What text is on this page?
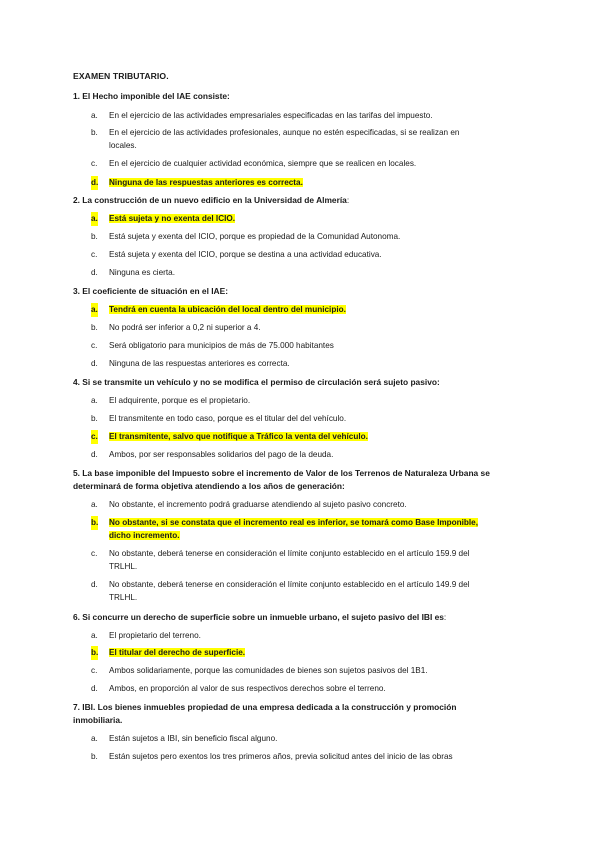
EXAMEN TRIBUTARIO.
1. El Hecho imponible del IAE consiste:
a. En el ejercicio de las actividades empresariales especificadas en las tarifas del impuesto.
b. En el ejercicio de las actividades profesionales, aunque no estén especificadas, si se realizan en
locales.
c. En el ejercicio de cualquier actividad económica, siempre que se realicen en locales.
d. Ninguna de las respuestas anteriores es correcta.
2. La construcción de un nuevo edificio en la Universidad de Almería:
a. Está sujeta y no exenta del ICIO.
b. Está sujeta y exenta del ICIO, porque es propiedad de la Comunidad Autonoma.
c. Está sujeta y exenta del ICIO, porque se destina a una actividad educativa.
d. Ninguna es cierta.
3. El coeficiente de situación en el IAE:
a. Tendrá en cuenta la ubicación del local dentro del municipio.
b. No podrá ser inferior a 0,2 ni superior a 4.
c. Será obligatorio para municipios de más de 75.000 habitantes
d. Ninguna de las respuestas anteriores es correcta.
4. Si se transmite un vehículo y no se modifica el permiso de circulación será sujeto pasivo:
a. El adquirente, porque es el propietario.
b. El transmitente en todo caso, porque es el titular del del vehículo.
c. El transmitente, salvo que notifique a Tráfico la venta del vehículo.
d. Ambos, por ser responsables solidarios del pago de la deuda.
5. La base imponible del Impuesto sobre el incremento de Valor de los Terrenos de Naturaleza Urbana se
determinará de forma objetiva atendiendo a los años de generación:
a. No obstante, el incremento podrá graduarse atendiendo al sujeto pasivo concreto.
b. No obstante, si se constata que el incremento real es inferior, se tomará como Base Imponible,
dicho incremento.
c. No obstante, deberá tenerse en consideración el límite conjunto establecido en el artículo 159.9 del
TRLHL.
d. No obstante, deberá tenerse en consideración el límite conjunto establecido en el artículo 149.9 del
TRLHL.
6. Si concurre un derecho de superficie sobre un inmueble urbano, el sujeto pasivo del IBI es:
a. El propietario del terreno.
b. El titular del derecho de superficie.
c. Ambos solidariamente, porque las comunidades de bienes son sujetos pasivos del 1B1.
d. Ambos, en proporción al valor de sus respectivos derechos sobre el terreno.
7. IBI. Los bienes inmuebles propiedad de una empresa dedicada a la construcción y promoción
inmobiliaria.
a. Están sujetos a IBI, sin beneficio fiscal alguno.
b. Están sujetos pero exentos los tres primeros años, previa solicitud antes del inicio de las obras
